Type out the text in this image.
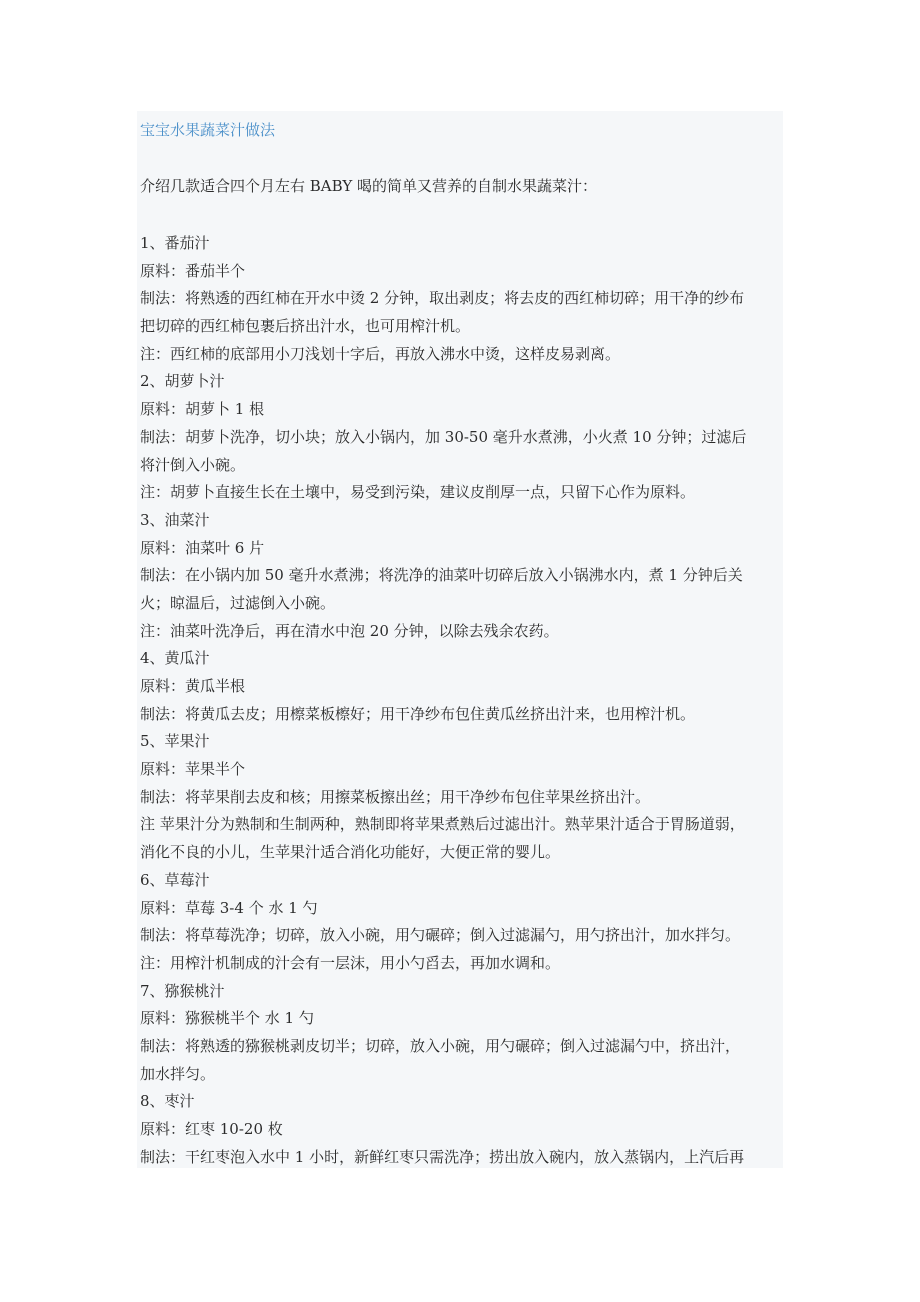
宝宝水果蔬菜汁做法
介绍几款适合四个月左右 BABY 喝的简单又营养的自制水果蔬菜汁：
1、番茄汁
原料：番茄半个
制法：将熟透的西红柿在开水中烫 2 分钟，取出剥皮；将去皮的西红柿切碎；用干净的纱布
把切碎的西红柿包裹后挤出汁水，也可用榨汁机。
注：西红柿的底部用小刀浅划十字后，再放入沸水中烫，这样皮易剥离。
2、胡萝卜汁
原料：胡萝卜 1 根
制法：胡萝卜洗净，切小块；放入小锅内，加 30-50 毫升水煮沸，小火煮 10 分钟；过滤后
将汁倒入小碗。
注：胡萝卜直接生长在土壤中，易受到污染，建议皮削厚一点，只留下心作为原料。
3、油菜汁
原料：油菜叶 6 片
制法：在小锅内加 50 毫升水煮沸；将洗净的油菜叶切碎后放入小锅沸水内，煮 1 分钟后关
火；晾温后，过滤倒入小碗。
注：油菜叶洗净后，再在清水中泡 20 分钟，以除去残余农药。
4、黄瓜汁
原料：黄瓜半根
制法：将黄瓜去皮；用檫菜板檫好；用干净纱布包住黄瓜丝挤出汁来，也用榨汁机。
5、苹果汁
原料：苹果半个
制法：将苹果削去皮和核；用擦菜板擦出丝；用干净纱布包住苹果丝挤出汁。
注 苹果汁分为熟制和生制两种，熟制即将苹果煮熟后过滤出汁。熟苹果汁适合于胃肠道弱，
消化不良的小儿，生苹果汁适合消化功能好，大便正常的婴儿。
6、草莓汁
原料：草莓 3-4 个 水 1 勺
制法：将草莓洗净；切碎，放入小碗，用勺碾碎；倒入过滤漏勺，用勺挤出汁，加水拌匀。
注：用榨汁机制成的汁会有一层沫，用小勺舀去，再加水调和。
7、猕猴桃汁
原料：猕猴桃半个 水 1 勺
制法：将熟透的猕猴桃剥皮切半；切碎，放入小碗，用勺碾碎；倒入过滤漏勺中，挤出汁，
加水拌匀。
8、枣汁
原料：红枣 10-20 枚
制法：干红枣泡入水中 1 小时，新鲜红枣只需洗净；捞出放入碗内，放入蒸锅内，上汽后再
